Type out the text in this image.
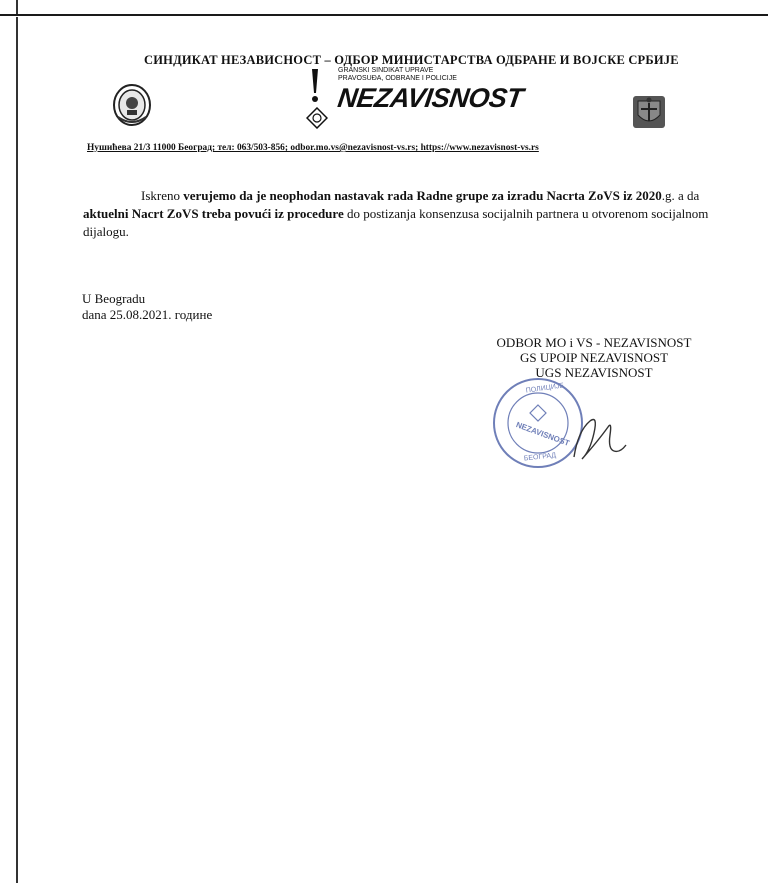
СИНДИКАТ НЕЗАВИСНОСТ – ОДБОР МИНИСТАРСТВА ОДБРАНЕ И ВОЈСКЕ СРБИЈЕ
GRANSKI SINDIKAT UPRAVE
PRAVOSUĐA, ODBRANE I POLICIJE
NEZAVISNOST
Нушићева 21/3 11000 Београд; тел: 063/503-856; odbor.mo.vs@nezavisnost-vs.rs; https://www.nezavisnost-vs.rs

Iskreno verujemo da je neophodan nastavak rada Radne grupe za izradu Nacrta ZoVS iz 2020.g. a da aktuelni Nacrt ZoVS treba povući iz procedure do postizanja konsenzusa socijalnih partnera u otvorenom socijalnom dijalogu.

U Beogradu
dana 25.08.2021. године
ODBOR MO i VS - NEZAVISNOST
GS UPOIP NEZAVISNOST
UGS NEZAVISNOST
ПОЛИЦИЈЕ
NEZAVISNOST
БЕОГРАД
